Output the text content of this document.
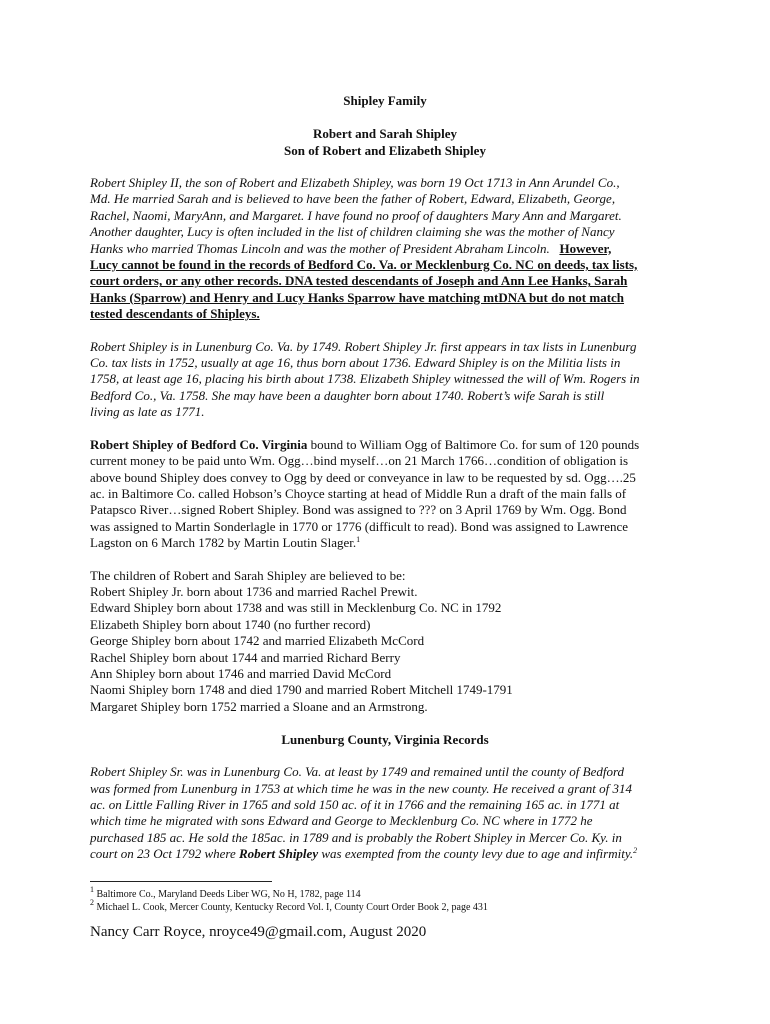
Shipley Family
Robert and Sarah Shipley
Son of Robert and Elizabeth Shipley
Robert Shipley II, the son of Robert and Elizabeth Shipley, was born 19 Oct 1713 in Ann Arundel Co.,
Md. He married Sarah and is believed to have been the father of Robert, Edward, Elizabeth, George,
Rachel, Naomi, MaryAnn, and Margaret. I have found no proof of daughters Mary Ann and Margaret.
Another daughter, Lucy is often included in the list of children claiming she was the mother of Nancy
Hanks who married Thomas Lincoln and was the mother of President Abraham Lincoln. However,
Lucy cannot be found in the records of Bedford Co. Va. or Mecklenburg Co. NC on deeds, tax lists,
court orders, or any other records. DNA tested descendants of Joseph and Ann Lee Hanks, Sarah
Hanks (Sparrow) and Henry and Lucy Hanks Sparrow have matching mtDNA but do not match
tested descendants of Shipleys.
Robert Shipley is in Lunenburg Co. Va. by 1749. Robert Shipley Jr. first appears in tax lists in Lunenburg
Co. tax lists in 1752, usually at age 16, thus born about 1736. Edward Shipley is on the Militia lists in
1758, at least age 16, placing his birth about 1738. Elizabeth Shipley witnessed the will of Wm. Rogers in
Bedford Co., Va. 1758. She may have been a daughter born about 1740. Robert’s wife Sarah is still
living as late as 1771.
Robert Shipley of Bedford Co. Virginia bound to William Ogg of Baltimore Co. for sum of 120 pounds
current money to be paid unto Wm. Ogg…bind myself…on 21 March 1766…condition of obligation is
above bound Shipley does convey to Ogg by deed or conveyance in law to be requested by sd. Ogg….25
ac. in Baltimore Co. called Hobson’s Choyce starting at head of Middle Run a draft of the main falls of
Patapsco River…signed Robert Shipley. Bond was assigned to ??? on 3 April 1769 by Wm. Ogg. Bond
was assigned to Martin Sonderlagle in 1770 or 1776 (difficult to read). Bond was assigned to Lawrence
Lagston on 6 March 1782 by Martin Loutin Slager.$^1$
The children of Robert and Sarah Shipley are believed to be:
Robert Shipley Jr. born about 1736 and married Rachel Prewit.
Edward Shipley born about 1738 and was still in Mecklenburg Co. NC in 1792
Elizabeth Shipley born about 1740 (no further record)
George Shipley born about 1742 and married Elizabeth McCord
Rachel Shipley born about 1744 and married Richard Berry
Ann Shipley born about 1746 and married David McCord
Naomi Shipley born 1748 and died 1790 and married Robert Mitchell 1749-1791
Margaret Shipley born 1752 married a Sloane and an Armstrong.
Lunenburg County, Virginia Records
Robert Shipley Sr. was in Lunenburg Co. Va. at least by 1749 and remained until the county of Bedford
was formed from Lunenburg in 1753 at which time he was in the new county. He received a grant of 314
ac. on Little Falling River in 1765 and sold 150 ac. of it in 1766 and the remaining 165 ac. in 1771 at
which time he migrated with sons Edward and George to Mecklenburg Co. NC where in 1772 he
purchased 185 ac. He sold the 185ac. in 1789 and is probably the Robert Shipley in Mercer Co. Ky. in
court on 23 Oct 1792 where Robert Shipley was exempted from the county levy due to age and infirmity.$^2$
$^1$ Baltimore Co., Maryland Deeds Liber WG, No H, 1782, page 114
$^2$ Michael L. Cook, Mercer County, Kentucky Record Vol. I, County Court Order Book 2, page 431
Nancy Carr Royce, nroyce49@gmail.com, August 2020
